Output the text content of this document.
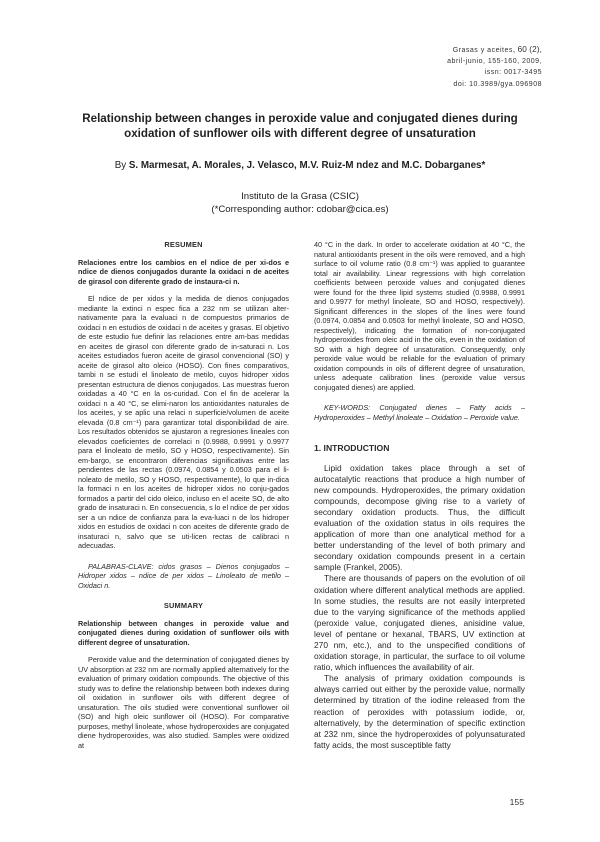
Grasas y aceites, 60 (2),
abril-junio, 155-160, 2009,
issn: 0017-3495
doi: 10.3989/gya.096908
Relationship between changes in peroxide value and conjugated dienes during oxidation of sunflower oils with different degree of unsaturation
By S. Marmesat, A. Morales, J. Velasco, M.V. Ruiz-M ndez and M.C. Dobarganes*
Instituto de la Grasa (CSIC)
(*Corresponding author: cdobar@cica.es)
RESUMEN

Relaciones entre los cambios en el ndice de per xi-dos e ndice de dienos conjugados durante la oxidaci n de aceites de girasol con diferente grado de instaura-ci n.

El ndice de per xidos y la medida de dienos conjugados mediante la extinci n espec fica a 232 nm se utilizan alter-nativamente para la evaluaci n de compuestos primarios de oxidaci n en estudios de oxidaci n de aceites y grasas. El objetivo de este estudio fue definir las relaciones entre am-bas medidas en aceites de girasol con diferente grado de in-saturaci n. Los aceites estudiados fueron aceite de girasol convencional (SO) y aceite de girasol alto oleico (HOSO). Con fines comparativos, tambi n se estudi el linoleato de metilo, cuyos hidroper xidos presentan estructura de dienos conjugados. Las muestras fueron oxidadas a 40 °C en la os-curidad. Con el fin de acelerar la oxidaci n a 40 °C, se elimi-naron los antioxidantes naturales de los aceites, y se aplic una relaci n superficie/volumen de aceite elevada (0.8 cm⁻¹) para garantizar total disponibilidad de aire. Los resultados obtenidos se ajustaron a regresiones lineales con elevados coeficientes de correlaci n (0.9988, 0.9991 y 0.9977 para el linoleato de metilo, SO y HOSO, respectivamente). Sin em-bargo, se encontraron diferencias significativas entre las pendientes de las rectas (0.0974, 0.0854 y 0.0503 para el li-noleato de metilo, SO y HOSO, respectivamente), lo que in-dica la formaci n en los aceites de hidroper xidos no conju-gados formados a partir del cido oleico, incluso en el aceite SO, de alto grado de insaturaci n. En consecuencia, s lo el ndice de per xidos ser a un ndice de confianza para la eva-luaci n de los hidroper xidos en estudios de oxidaci n con aceites de diferente grado de insaturaci n, salvo que se uti-licen rectas de calibraci n adecuadas.

PALABRAS-CLAVE: cidos grasos – Dienos conjugados – Hidroper xidos – ndice de per xidos – Linoleato de metilo – Oxidaci n.

SUMMARY

Relationship between changes in peroxide value and conjugated dienes during oxidation of sunflower oils with different degree of unsaturation.

Peroxide value and the determination of conjugated dienes by UV absorption at 232 nm are normally applied alternatively for the evaluation of primary oxidation compounds. The objective of this study was to define the relationship between both indexes during oil oxidation in sunflower oils with different degree of unsaturation. The oils studied were conventional sunflower oil (SO) and high oleic sunflower oil (HOSO). For comparative purposes, methyl linoleate, whose hydroperoxides are conjugated diene hydroperoxides, was also studied. Samples were oxidized at

40 °C in the dark. In order to accelerate oxidation at 40 °C, the natural antioxidants present in the oils were removed, and a high surface to oil volume ratio (0.8 cm⁻¹) was applied to guarantee total air availability. Linear regressions with high correlation coefficients between peroxide values and conjugated dienes were found for the three lipid systems studied (0.9988, 0.9991 and 0.9977 for methyl linoleate, SO and HOSO, respectively). Significant differences in the slopes of the lines were found (0.0974, 0.0854 and 0.0503 for methyl linoleate, SO and HOSO, respectively), indicating the formation of non-conjugated hydroperoxides from oleic acid in the oils, even in the oxidation of SO with a high degree of unsaturation. Consequently, only peroxide value would be reliable for the evaluation of primary oxidation compounds in oils of different degree of unsaturation, unless adequate calibration lines (peroxide value versus conjugated dienes) are applied.

KEY-WORDS: Conjugated dienes – Fatty acids – Hydroperoxides – Methyl linoleate – Oxidation – Peroxide value.

1. INTRODUCTION

Lipid oxidation takes place through a set of autocatalytic reactions that produce a high number of new compounds. Hydroperoxides, the primary oxidation compounds, decompose giving rise to a variety of secondary oxidation products. Thus, the difficult evaluation of the oxidation status in oils requires the application of more than one analytical method for a better understanding of the level of both primary and secondary oxidation compounds present in a certain sample (Frankel, 2005).

There are thousands of papers on the evolution of oil oxidation where different analytical methods are applied. In some studies, the results are not easily interpreted due to the varying significance of the methods applied (peroxide value, conjugated dienes, anisidine value, level of pentane or hexanal, TBARS, UV extinction at 270 nm, etc.), and to the unspecified conditions of oxidation storage, in particular, the surface to oil volume ratio, which influences the availability of air.

The analysis of primary oxidation compounds is always carried out either by the peroxide value, normally determined by titration of the iodine released from the reaction of peroxides with potassium iodide, or, alternatively, by the determination of specific extinction at 232 nm, since the hydroperoxides of polyunsaturated fatty acids, the most susceptible fatty

155
